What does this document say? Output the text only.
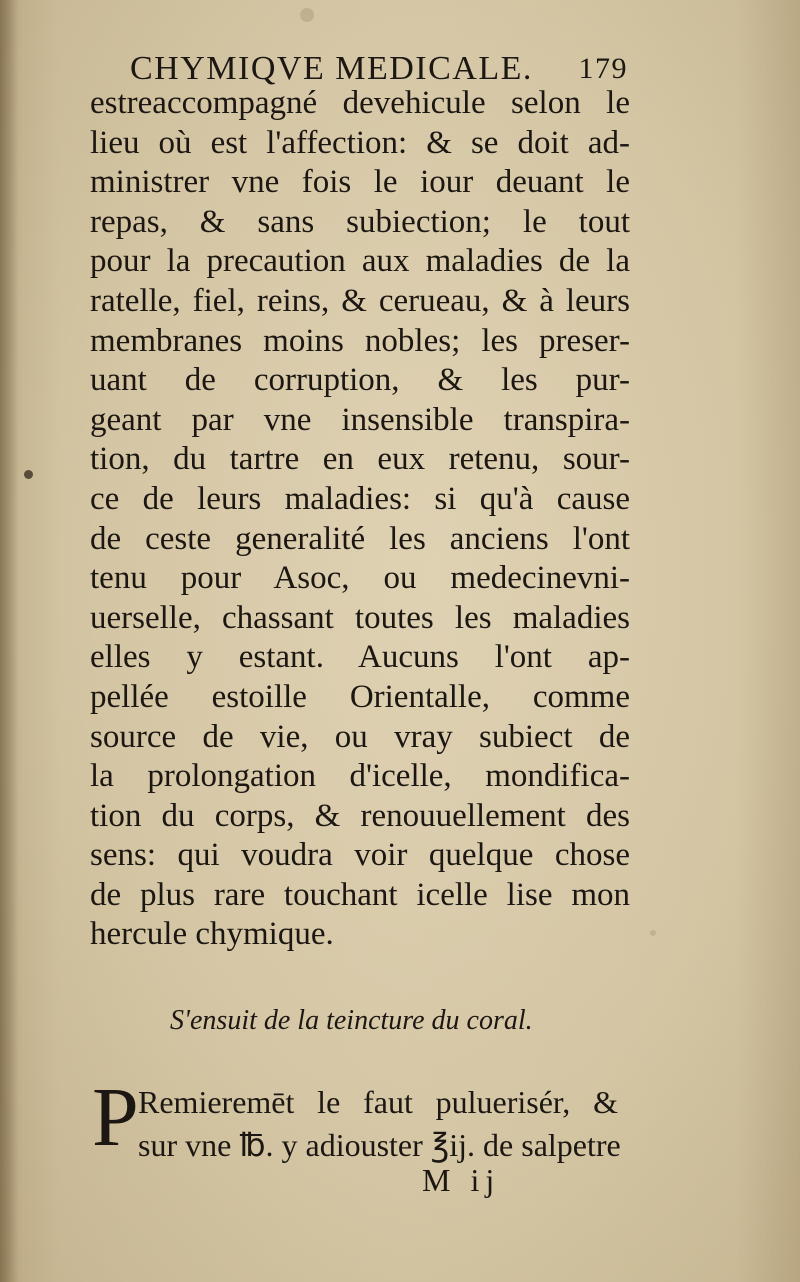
CHYMIQVE MEDICALE. 179
estreaccompagné devehicule selon le
lieu où est l'affection: & se doit ad-
ministrer vne fois le iour deuant le
repas, & sans subiection; le tout
pour la precaution aux maladies de la
ratelle, fiel, reins, & cerueau, & à leurs
membranes moins nobles; les preser-
uant de corruption, & les pur-
geant par vne insensible transpira-
tion, du tartre en eux retenu, sour-
ce de leurs maladies: si qu'à cause
de ceste generalité les anciens l'ont
tenu pour Asoc, ou medecinevni-
uerselle, chassant toutes les maladies
elles y estant. Aucuns l'ont ap-
pellée estoille Orientalle, comme
source de vie, ou vray subiect de
la prolongation d'icelle, mondifica-
tion du corps, & renouuellement des
sens: qui voudra voir quelque chose
de plus rare touchant icelle lise mon
hercule chymique.
S'ensuit de la teincture du coral.
P Remieremēt le faut puluerisér, &
sur vne ℔. y adiouster ℥ij. de salpetre
M ij
